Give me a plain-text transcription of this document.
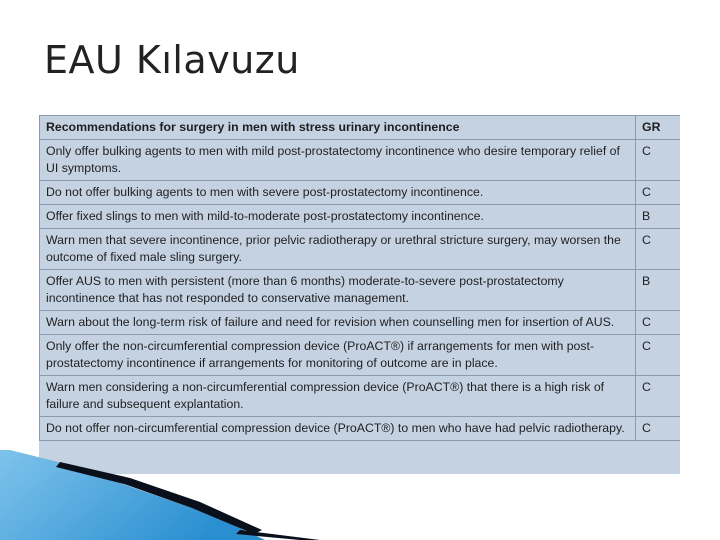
EAU Kılavuzu
Recommendations for surgery in men with stress urinary incontinence	GR
Only offer bulking agents to men with mild post-prostatectomy incontinence who desire temporary relief of UI symptoms.	C
Do not offer bulking agents to men with severe post-prostatectomy incontinence.	C
Offer fixed slings to men with mild-to-moderate post-prostatectomy incontinence.	B
Warn men that severe incontinence, prior pelvic radiotherapy or urethral stricture surgery, may worsen the outcome of fixed male sling surgery.	C
Offer AUS to men with persistent (more than 6 months) moderate-to-severe post-prostatectomy incontinence that has not responded to conservative management.	B
Warn about the long-term risk of failure and need for revision when counselling men for insertion of AUS.	C
Only offer the non-circumferential compression device (ProACT®) if arrangements for men with post-prostatectomy incontinence if arrangements for monitoring of outcome are in place.	C
Warn men considering a non-circumferential compression device (ProACT®) that there is a high risk of failure and subsequent explantation.	C
Do not offer non-circumferential compression device (ProACT®) to men who have had pelvic radiotherapy.	C
